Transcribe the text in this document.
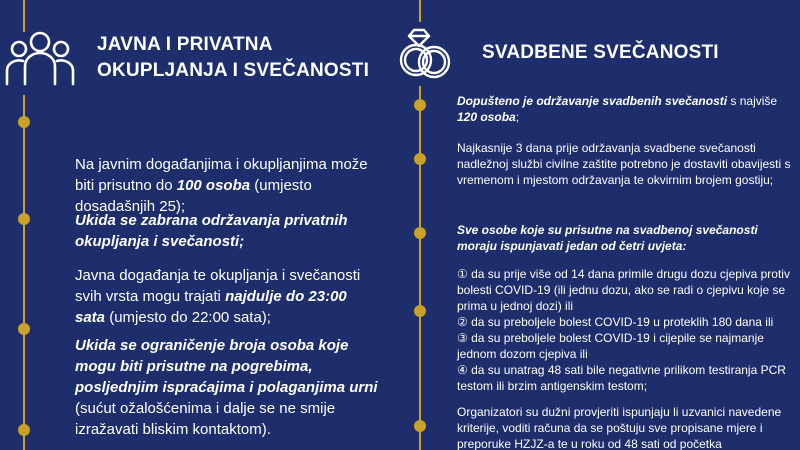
JAVNA I PRIVATNA
OKUPLJANJA I SVEČANOSTI
Na javnim događanjima i okupljanjima može biti prisutno do 100 osoba (umjesto dosadašnjih 25);
Ukida se zabrana održavanja privatnih okupljanja i svečanosti;
Javna događanja te okupljanja i svečanosti svih vrsta mogu trajati najdulje do 23:00 sata (umjesto do 22:00 sata);
Ukida se ograničenje broja osoba koje mogu biti prisutne na pogrebima, posljednjim ispraćajima i polaganjima urni (sućut ožalošćenima i dalje se ne smije izražavati bliskim kontaktom).
SVADBENE SVEČANOSTI
Dopušteno je održavanje svadbenih svečanosti s najviše 120 osoba;
Najkasnije 3 dana prije održavanja svadbene svečanosti nadležnoj službi civilne zaštite potrebno je dostaviti obavijesti s vremenom i mjestom održavanja te okvirnim brojem gostiju;
Sve osobe koje su prisutne na svadbenoj svečanosti moraju ispunjavati jedan od četri uvjeta:
① da su prije više od 14 dana primile drugu dozu cjepiva protiv bolesti COVID-19 (ili jednu dozu, ako se radi o cjepivu koje se prima u jednoj dozi) ili
② da su preboljele bolest COVID-19 u proteklih 180 dana ili
③ da su preboljele bolest COVID-19 i cijepile se najmanje jednom dozom cjepiva ili
④ da su unatrag 48 sati bile negativne prilikom testiranja PCR testom ili brzim antigenskim testom;
Organizatori su dužni provjeriti ispunjaju li uzvanici navedene kriterije, voditi računa da se poštuju sve propisane mjere i preporuke HZJZ-a te u roku od 48 sati od početka
